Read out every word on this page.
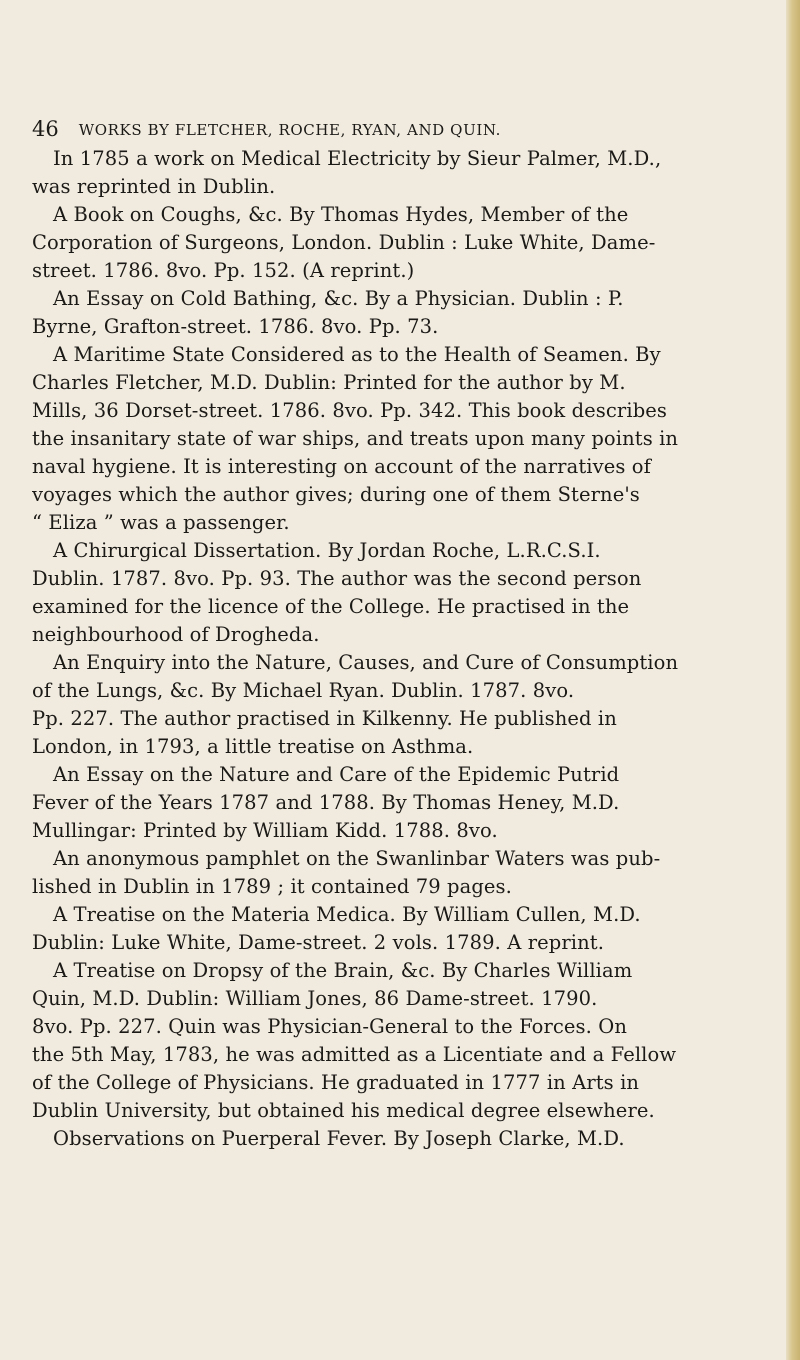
46 WORKS BY FLETCHER, ROCHE, RYAN, AND QUIN.
In 1785 a work on Medical Electricity by Sieur Palmer, M.D.,
was reprinted in Dublin.
A Book on Coughs, &c. By Thomas Hydes, Member of the
Corporation of Surgeons, London. Dublin : Luke White, Dame-
street. 1786. 8vo. Pp. 152. (A reprint.)
An Essay on Cold Bathing, &c. By a Physician. Dublin : P.
Byrne, Grafton-street. 1786. 8vo. Pp. 73.
A Maritime State Considered as to the Health of Seamen. By
Charles Fletcher, M.D. Dublin: Printed for the author by M.
Mills, 36 Dorset-street. 1786. 8vo. Pp. 342. This book describes
the insanitary state of war ships, and treats upon many points in
naval hygiene. It is interesting on account of the narratives of
voyages which the author gives; during one of them Sterne's
“ Eliza ” was a passenger.
A Chirurgical Dissertation. By Jordan Roche, L.R.C.S.I.
Dublin. 1787. 8vo. Pp. 93. The author was the second person
examined for the licence of the College. He practised in the
neighbourhood of Drogheda.
An Enquiry into the Nature, Causes, and Cure of Consumption
of the Lungs, &c. By Michael Ryan. Dublin. 1787. 8vo.
Pp. 227. The author practised in Kilkenny. He published in
London, in 1793, a little treatise on Asthma.
An Essay on the Nature and Care of the Epidemic Putrid
Fever of the Years 1787 and 1788. By Thomas Heney, M.D.
Mullingar: Printed by William Kidd. 1788. 8vo.
An anonymous pamphlet on the Swanlinbar Waters was pub-
lished in Dublin in 1789 ; it contained 79 pages.
A Treatise on the Materia Medica. By William Cullen, M.D.
Dublin: Luke White, Dame-street. 2 vols. 1789. A reprint.
A Treatise on Dropsy of the Brain, &c. By Charles William
Quin, M.D. Dublin: William Jones, 86 Dame-street. 1790.
8vo. Pp. 227. Quin was Physician-General to the Forces. On
the 5th May, 1783, he was admitted as a Licentiate and a Fellow
of the College of Physicians. He graduated in 1777 in Arts in
Dublin University, but obtained his medical degree elsewhere.
Observations on Puerperal Fever. By Joseph Clarke, M.D.
